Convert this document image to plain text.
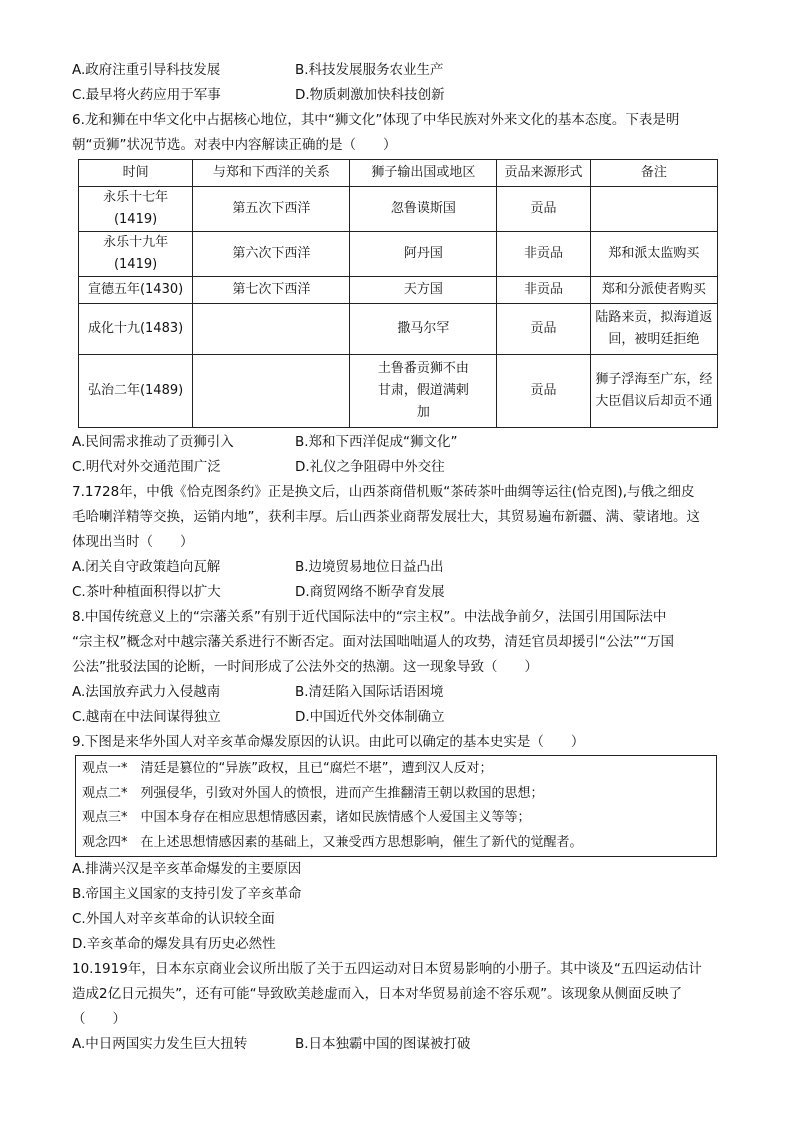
A.政府注重引导科技发展	B.科技发展服务农业生产
C.最早将火药应用于军事	D.物质刺激加快科技创新
6.龙和狮在中华文化中占据核心地位，其中“狮文化”体现了中华民族对外来文化的基本态度。下表是明
朝“贡狮”状况节选。对表中内容解读正确的是（　　）
时间	与郑和下西洋的关系	狮子输出国或地区	贡品来源形式	备注
永乐十七年(1419)	第五次下西洋	忽鲁谟斯国	贡品	
永乐十九年(1419)	第六次下西洋	阿丹国	非贡品	郑和派太监购买
宣德五年(1430)	第七次下西洋	天方国	非贡品	郑和分派使者购买
成化十九(1483)		撒马尔罕	贡品	陆路来贡，拟海道返回，被明廷拒绝
弘治二年(1489)		土鲁番贡狮不由甘肃，假道满剌加	贡品	狮子浮海至广东，经 大臣倡议后却贡不通
A.民间需求推动了贡狮引入	B.郑和下西洋促成“狮文化”
C.明代对外交通范围广泛	D.礼仪之争阻碍中外交往
7.1728年，中俄《恰克图条约》正是换文后，山西茶商借机贩“茶砖茶叶曲绸等运往(恰克图),与俄之细皮
毛哈喇洋精等交换，运销内地”，获利丰厚。后山西茶业商帮发展壮大，其贸易遍布新疆、满、蒙诸地。这
体现出当时（　　）
A.闭关自守政策趋向瓦解	B.边境贸易地位日益凸出
C.茶叶种植面积得以扩大	D.商贸网络不断孕育发展
8.中国传统意义上的“宗藩关系”有别于近代国际法中的“宗主权”。中法战争前夕，法国引用国际法中
“宗主权”概念对中越宗藩关系进行不断否定。面对法国咄咄逼人的攻势，清廷官员却援引“公法”“万国
公法”批驳法国的论断，一时间形成了公法外交的热潮。这一现象导致（　　）
A.法国放弃武力入侵越南	B.清廷陷入国际话语困境
C.越南在中法间谋得独立	D.中国近代外交体制确立
9.下图是来华外国人对辛亥革命爆发原因的认识。由此可以确定的基本史实是（　　）
观点一*　清廷是篡位的“异族”政权，且已“腐烂不堪”，遭到汉人反对；
观点二*　列强侵华，引致对外国人的愤恨，进而产生推翻清王朝以救国的思想；
观点三*　中国本身存在相应思想情感因素，诸如民族情感个人爱国主义等等；
观念四*　在上述思想情感因素的基础上，又兼受西方思想影响，催生了新代的觉醒者。
A.排满兴汉是辛亥革命爆发的主要原因
B.帝国主义国家的支持引发了辛亥革命
C.外国人对辛亥革命的认识较全面
D.辛亥革命的爆发具有历史必然性
10.1919年，日本东京商业会议所出版了关于五四运动对日本贸易影响的小册子。其中谈及“五四运动估计
造成2亿日元损失”，还有可能“导致欧美趁虚而入，日本对华贸易前途不容乐观”。该现象从侧面反映了
（　　）
A.中日两国实力发生巨大扭转	B.日本独霸中国的图谋被打破
